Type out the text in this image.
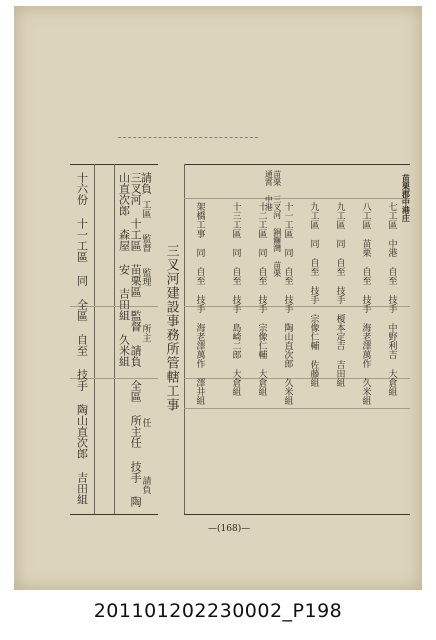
請負
工區
監督
監理
所主
任
請負
三叉河 十工區 苗栗區 監督 請負 全區 所主任 技手 陶山直次郎 森屋 安 吉田組 久米組
十六份 十一工區 同 全區 自至 技手 陶山直次郎 吉田組	三叉河建設事務所管轄工事
苗栗 三叉河 銅鑼灣 苗栗 通霄 中港	苗栗郡中港庄
七工區 中港 自至 技手 中野利吉 大倉組
八工區 苗栗 自至 技手 海老澤萬作 久米組
九工區 同 自至 技手 榎本定吉 吉田組
九工區 同 自至 技手 宗像仁輔 佐藤組
十一工區 同 自至 技手 陶山直次郎 久米組
十二工區 同 自至 技手 宗像仁輔 大倉組
十三工區 同 自至 技手 島崎二郎 大倉組
架橋工事 同 自至 技手 海老澤萬作 澤井組
—(168)—
20110120223000​2_P198
